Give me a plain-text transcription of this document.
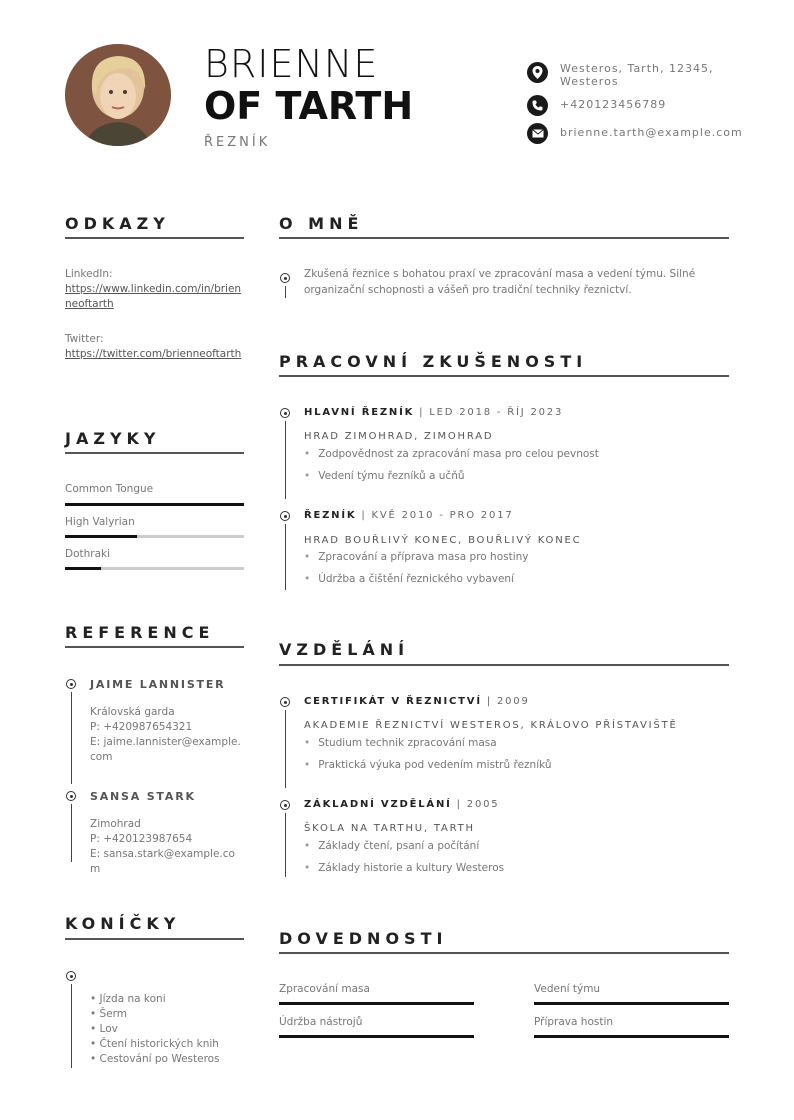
BRIENNE
OF TARTH
ŘEZNÍK
Westeros, Tarth, 12345, Westeros
+420123456789
brienne.tarth@example.com
ODKAZY
LinkedIn:
https://www.linkedin.com/in/brienneoftarth
Twitter:
https://twitter.com/brienneoftarth
JAZYKY
Common Tongue
High Valyrian
Dothraki
REFERENCE
JAIME LANNISTER
Královská garda
P: +420987654321
E: jaime.lannister@example.com
SANSA STARK
Zimohrad
P: +420123987654
E: sansa.stark@example.com
KONÍČKY
• Jízda na koni
• Šerm
• Lov
• Čtení historických knih
• Cestování po Westeros
O MNĚ
Zkušená řeznice s bohatou praxí ve zpracování masa a vedení týmu. Silné organizační schopnosti a vášeň pro tradiční techniky řeznictví.
PRACOVNÍ ZKUŠENOSTI
HLAVNÍ ŘEZNÍK | LED 2018 - ŘÍJ 2023
HRAD ZIMOHRAD, ZIMOHRAD
• Zodpovědnost za zpracování masa pro celou pevnost
• Vedení týmu řezníků a učňů
ŘEZNÍK | KVĚ 2010 - PRO 2017
HRAD BOUŘLIVÝ KONEC, BOUŘLIVÝ KONEC
• Zpracování a příprava masa pro hostiny
• Údržba a čištění řeznického vybavení
VZDĚLÁNÍ
CERTIFIKÁT V ŘEZNICTVÍ | 2009
AKADEMIE ŘEZNICTVÍ WESTEROS, KRÁLOVO PŘÍSTAVIŠTĚ
• Studium technik zpracování masa
• Praktická výuka pod vedením mistrů řezníků
ZÁKLADNÍ VZDĚLÁNÍ | 2005
ŠKOLA NA TARTHU, TARTH
• Základy čtení, psaní a počítání
• Základy historie a kultury Westeros
DOVEDNOSTI
Zpracování masa	Vedení týmu
Údržba nástrojů	Příprava hostin
